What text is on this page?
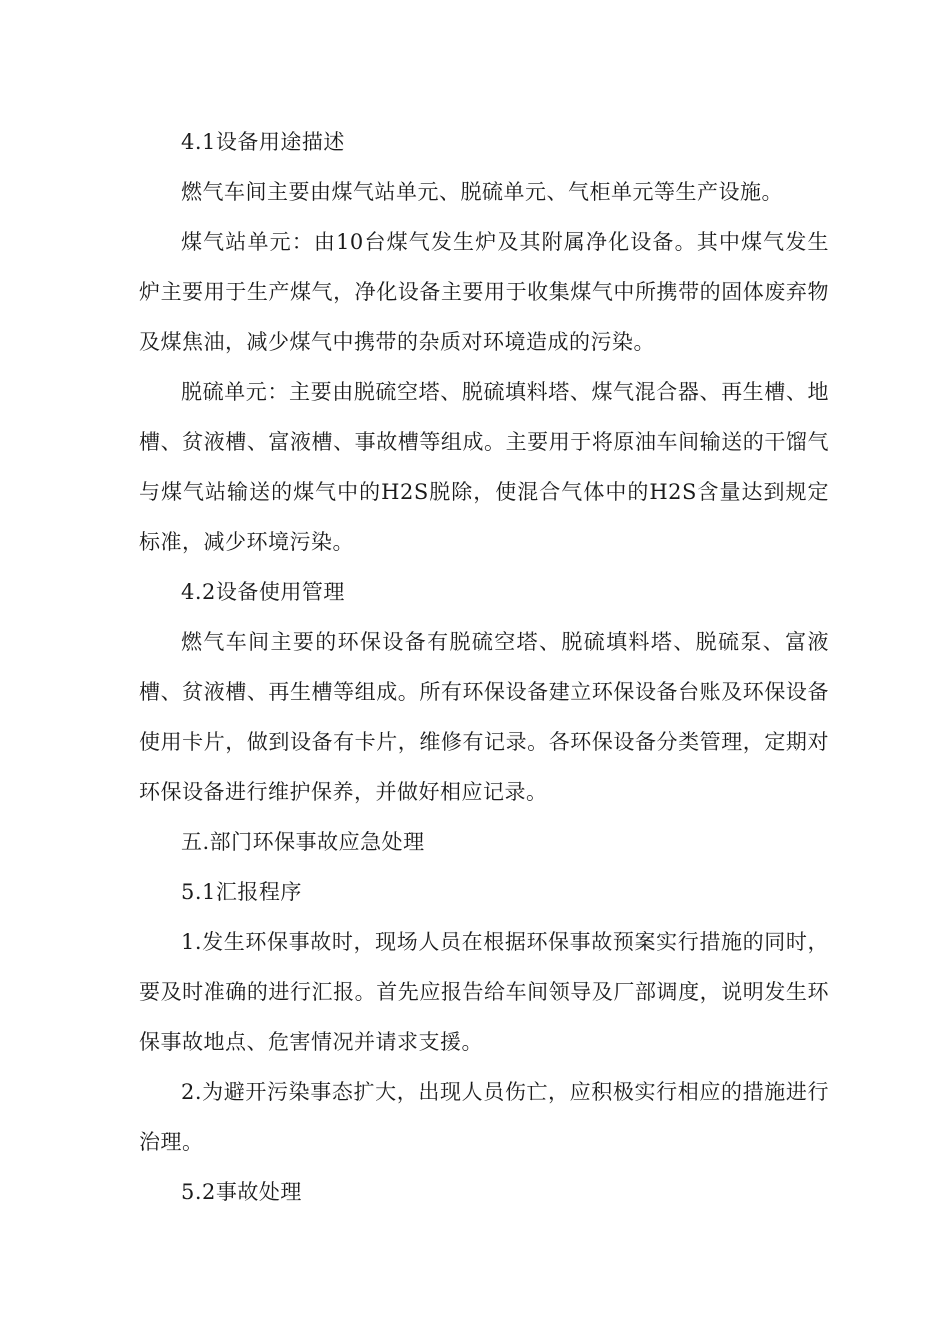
4.1设备用途描述

燃气车间主要由煤气站单元、脱硫单元、气柜单元等生产设施。

煤气站单元：由10台煤气发生炉及其附属净化设备。其中煤气发生炉主要用于生产煤气，净化设备主要用于收集煤气中所携带的固体废弃物及煤焦油，减少煤气中携带的杂质对环境造成的污染。

脱硫单元：主要由脱硫空塔、脱硫填料塔、煤气混合器、再生槽、地槽、贫液槽、富液槽、事故槽等组成。主要用于将原油车间输送的干馏气与煤气站输送的煤气中的H2S脱除，使混合气体中的H2S含量达到规定标准，减少环境污染。

4.2设备使用管理

燃气车间主要的环保设备有脱硫空塔、脱硫填料塔、脱硫泵、富液槽、贫液槽、再生槽等组成。所有环保设备建立环保设备台账及环保设备使用卡片，做到设备有卡片，维修有记录。各环保设备分类管理，定期对环保设备进行维护保养，并做好相应记录。

五.部门环保事故应急处理

5.1汇报程序

1.发生环保事故时，现场人员在根据环保事故预案实行措施的同时，要及时准确的进行汇报。首先应报告给车间领导及厂部调度，说明发生环保事故地点、危害情况并请求支援。

2.为避开污染事态扩大，出现人员伤亡，应积极实行相应的措施进行治理。

5.2事故处理
